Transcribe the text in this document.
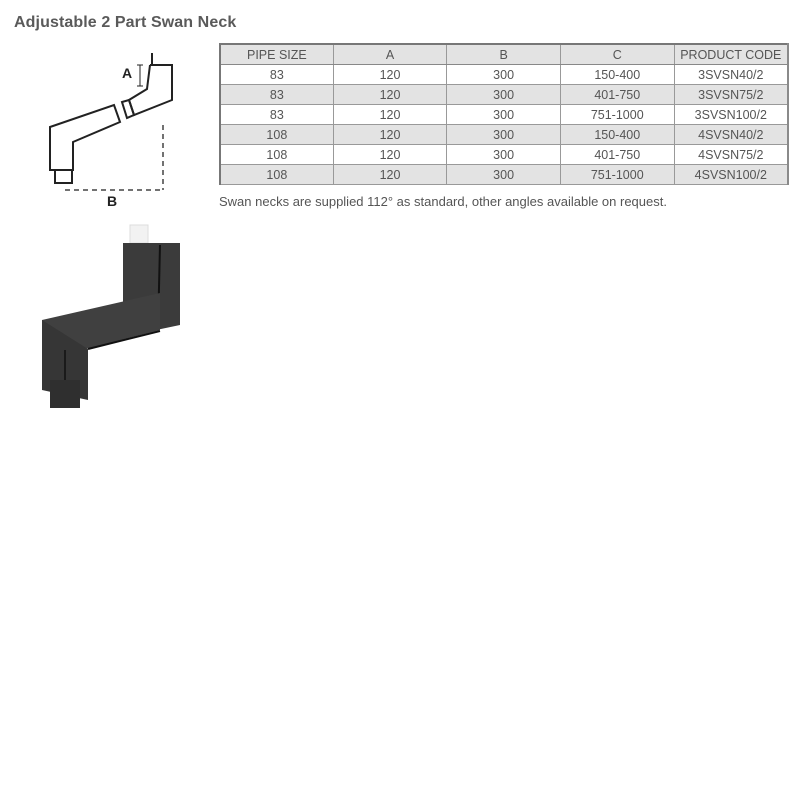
Adjustable 2 Part Swan Neck
A
B
PIPE SIZE	A	B	C	PRODUCT CODE
83	120	300	150-400	3SVSN40/2
83	120	300	401-750	3SVSN75/2
83	120	300	751-1000	3SVSN100/2
108	120	300	150-400	4SVSN40/2
108	120	300	401-750	4SVSN75/2
108	120	300	751-1000	4SVSN100/2
Swan necks are supplied 112° as standard, other angles available on request.
